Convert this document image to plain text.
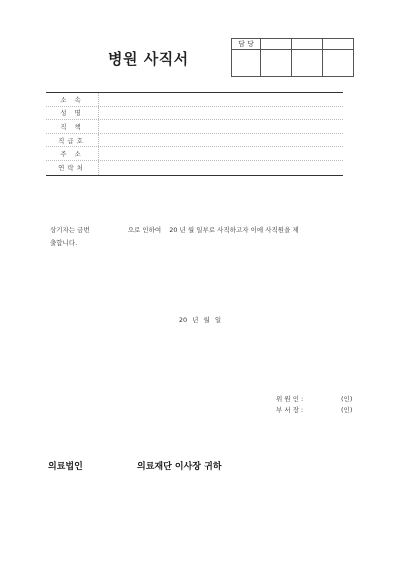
병원 사직서
담 당			

소 속
성 명
직 책
직급호
주 소
연락처
상기자는 금번	으로 인하여 20 년 월 일부로 사직하고자 이에 사직원을 제
출합니다.
20 년 월 일
위 원 인 :	(인)
부 서 장 :	(인)
의료법인	의료재단 이사장 귀하
